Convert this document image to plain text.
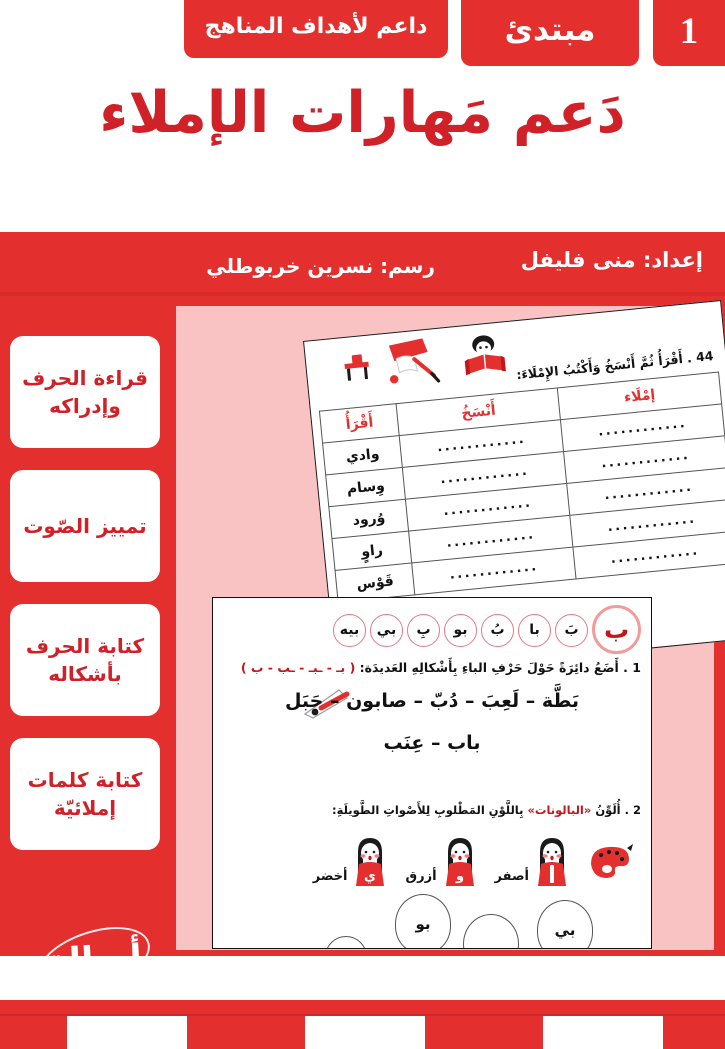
1
مبتدئ
داعم لأهداف المناهج
دَعم مَهارات الإملاء
إعداد: منى فليفل
رسم: نسرين خربوطلي
قراءة الحرف وإدراكه
تمييز الصّوت
كتابة الحرف بأشكاله
كتابة كلمات إملائيّة
44 . أَقْرَأُ ثُمَّ أَنْسَخُ وَأَكْتُبُ الإِمْلَاءَ:
إمْلَاء	أَنْسَخُ	أَقْرَأُ
............	............	وادي
............	............	وِسام
............	............	وُرود
............	............	راوٍ
............	............	قَوْس
ب
بَ
با
بُ
بو
بِ
بي
بيه
1 . أَضَعُ دائِرَةً حَوْلَ حَرْفِ الباءِ بِأَشْكالِهِ العَديدَة: ( بـ - ـبـ - ـب - ب )
بَطَّة – لَعِبَ – دُبّ – صابون – جَبَل
باب – عِنَب
2 . أُلَوِّنُ «البالونات» بِاللَّوْنِ المَطْلوبِ لِلأَصْواتِ الطَّويلَةِ:
أصفر
و
أزرق
ي
أخضر
بي
بو
أصالة
